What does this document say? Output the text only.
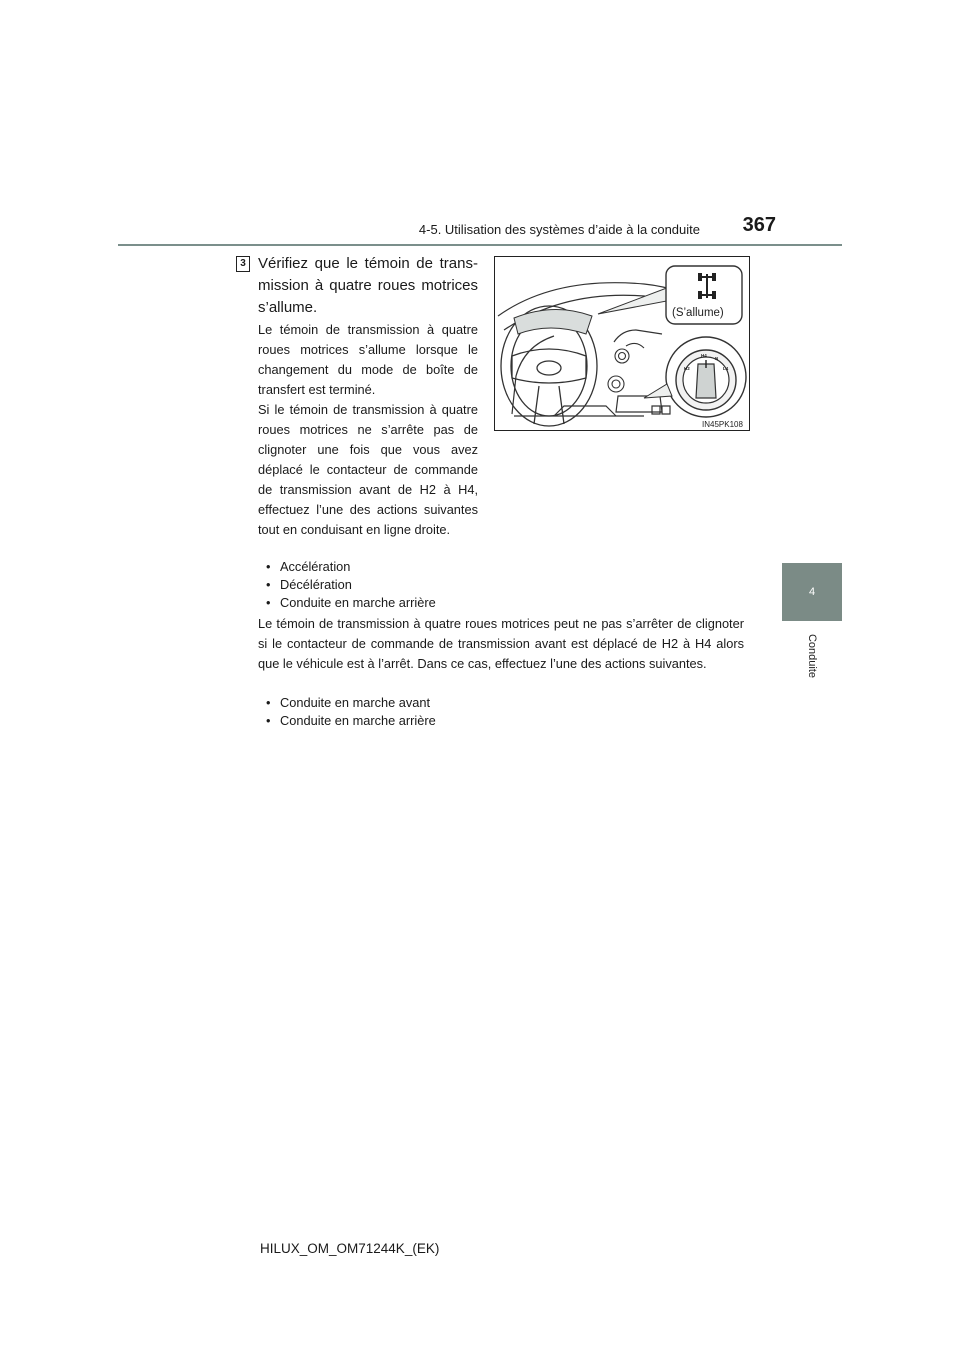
4-5. Utilisation des systèmes d’aide à la conduite	367
4
Conduite
3 Vérifiez que le témoin de transmission à quatre roues motrices s’allume.
Le témoin de transmission à quatre roues motrices s’allume lorsque le changement du mode de boîte de transfert est terminé.
Si le témoin de transmission à quatre roues motrices ne s’arrête pas de clignoter une fois que vous avez déplacé le contacteur de commande de transmission avant de H2 à H4, effectuez l’une des actions suivantes tout en conduisant en ligne droite.
• Accélération
• Décélération
• Conduite en marche arrière
Le témoin de transmission à quatre roues motrices peut ne pas s’arrêter de clignoter si le contacteur de commande de transmission avant est déplacé de H2 à H4 alors que le véhicule est à l’arrêt. Dans ce cas, effectuez l’une des actions suivantes.
• Conduite en marche avant
• Conduite en marche arrière
H2
H4
N
L4
(S’allume)
IN45PK108
HILUX_OM_OM71244K_(EK)
